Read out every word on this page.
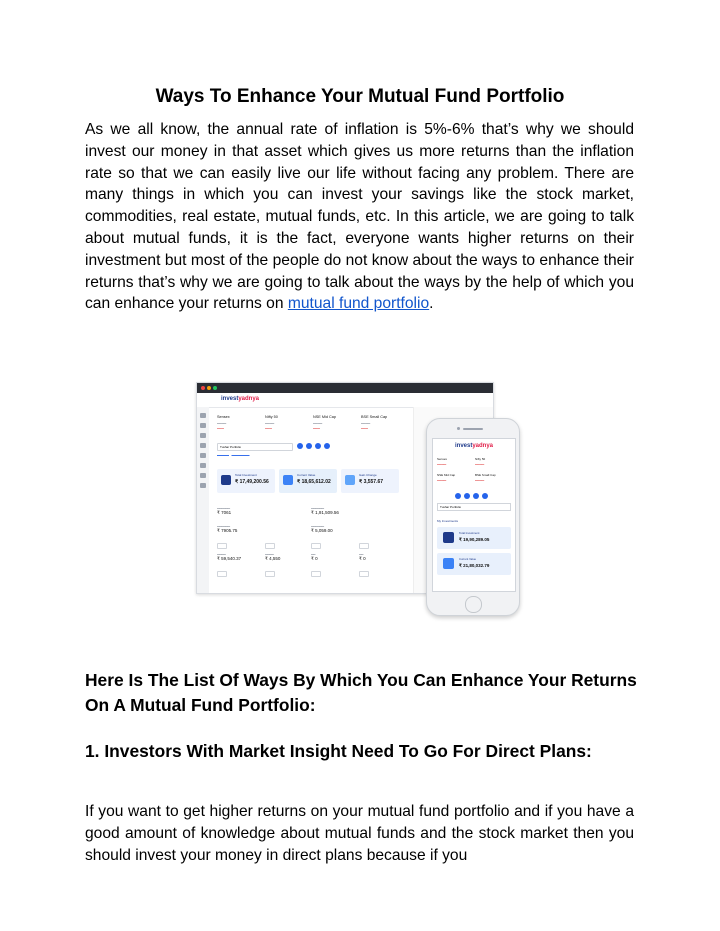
Ways To Enhance Your Mutual Fund Portfolio

As we all know, the annual rate of inflation is 5%-6% that’s why we should invest our money in that asset which gives us more returns than the inflation rate so that we can easily live our life without facing any problem. There are many things in which you can invest your savings like the stock market, commodities, real estate, mutual funds, etc. In this article, we are going to talk about mutual funds, it is the fact, everyone wants higher returns on their investment but most of the people do not know about the ways to enhance their returns that’s why we are going to talk about the ways by the help of which you can enhance your returns on mutual fund portfolio.

investyadnya
Sensex
▁▁▁▁
▁▁▁
Nifty 50
▁▁▁▁
▁▁▁
NSE Mid Cap
▁▁▁▁
▁▁▁
BSE Small Cap
▁▁▁▁
▁▁▁
Tushar Portfolio
▬▬▬▬   ▬▬▬▬▬▬
Total Investment
₹ 17,49,200.56
Current Value
₹ 18,65,612.02
Gain Change
₹ 3,557.67
▁▁▁▁▁▁
₹ 7061
▁▁▁▁▁▁
₹ 1,91,509.56
▁▁▁▁▁▁
₹ 7905.75
▁▁▁▁▁▁
₹ 5,059.00
▁▁▁▁
₹ 59,540.37
▁▁▁▁
₹ 4,550
▁▁
₹ 0
▁▁
₹ 0
investyadnya
Sensex
▁▁▁▁
Nifty 50
▁▁▁▁
NSE Mid Cap
▁▁▁▁
BSE Small Cap
▁▁▁▁
Tushar Portfolio
My Investments
Total Investment
₹ 19,90,289.05
Current Value
₹ 21,80,032.79
Here Is The List Of Ways By Which You Can Enhance Your Returns On A Mutual Fund Portfolio:
1. Investors With Market Insight Need To Go For Direct Plans:

If you want to get higher returns on your mutual fund portfolio and if you have a good amount of knowledge about mutual funds and the stock market then you should invest your money in direct plans because if you
